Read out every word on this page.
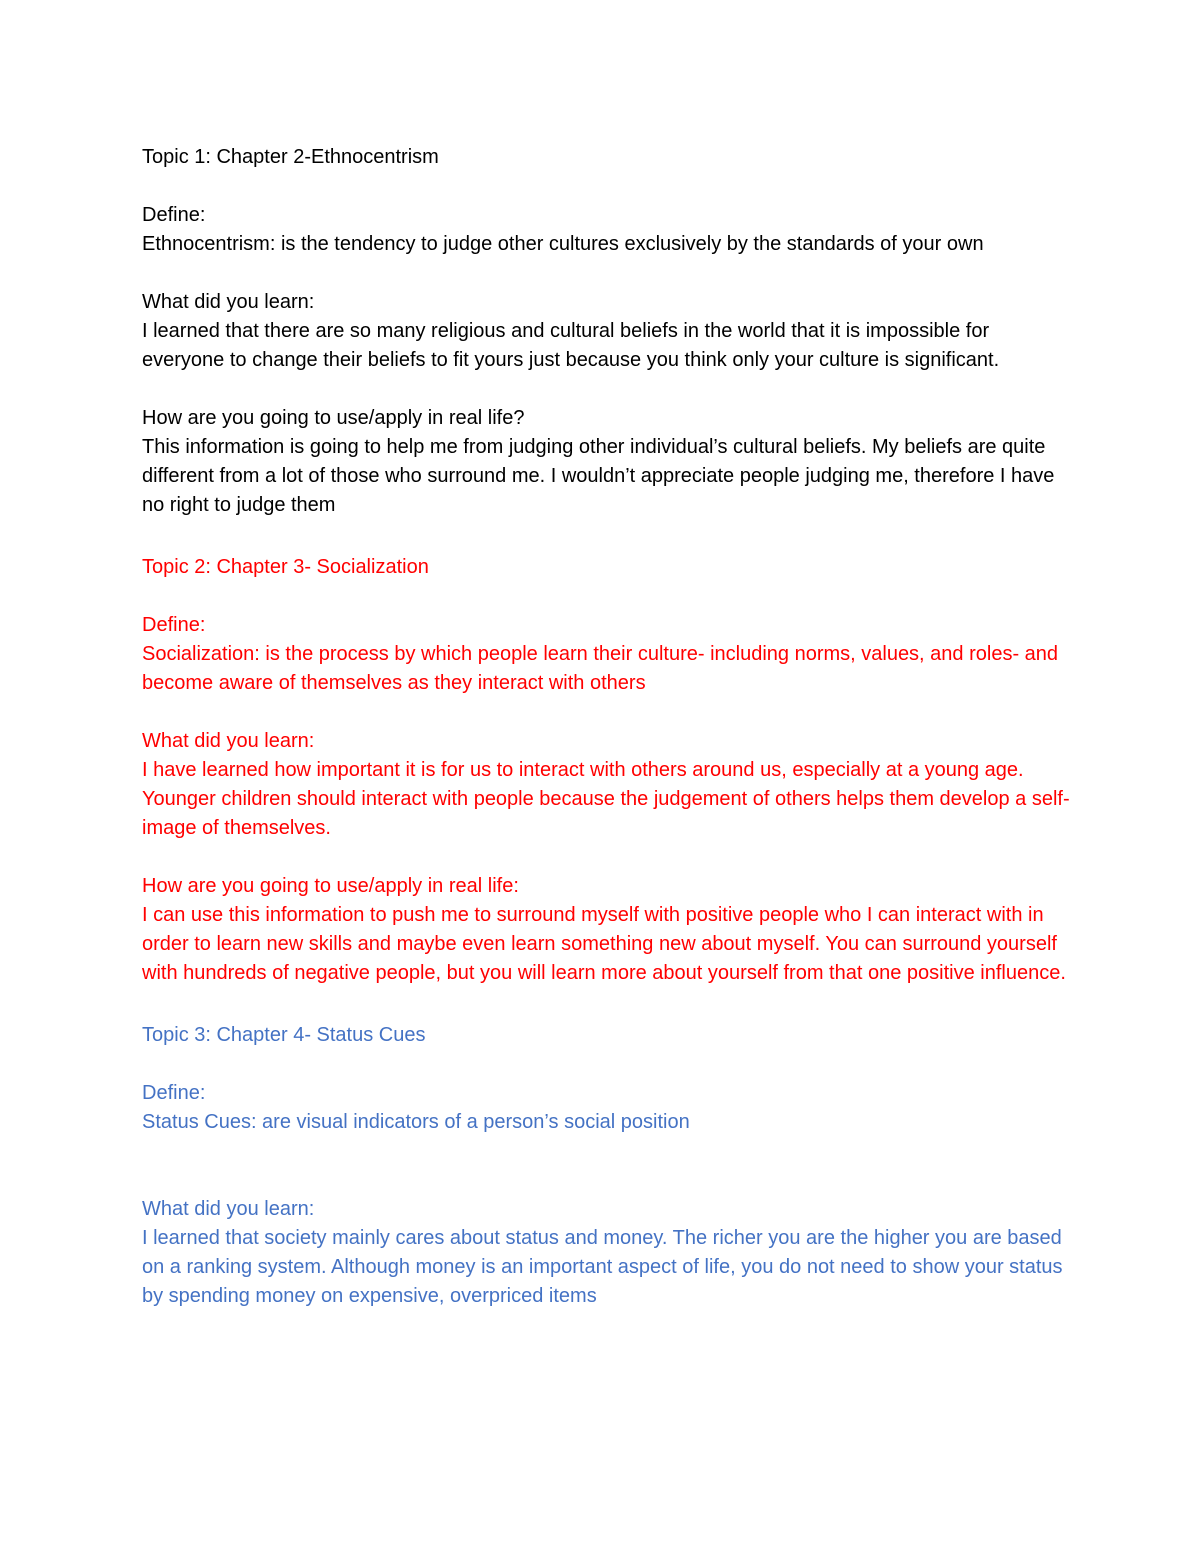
Topic 1: Chapter 2-Ethnocentrism
Define:
Ethnocentrism: is the tendency to judge other cultures exclusively by the standards of your own
What did you learn:
I learned that there are so many religious and cultural beliefs in the world that it is impossible for everyone to change their beliefs to fit yours just because you think only your culture is significant.
How are you going to use/apply in real life?
This information is going to help me from judging other individual’s cultural beliefs. My beliefs are quite different from a lot of those who surround me. I wouldn’t appreciate people judging me, therefore I have no right to judge them
Topic 2: Chapter 3- Socialization
Define:
Socialization: is the process by which people learn their culture- including norms, values, and roles- and become aware of themselves as they interact with others
What did you learn:
I have learned how important it is for us to interact with others around us, especially at a young age. Younger children should interact with people because the judgement of others helps them develop a self-image of themselves.
How are you going to use/apply in real life:
I can use this information to push me to surround myself with positive people who I can interact with in order to learn new skills and maybe even learn something new about myself. You can surround yourself with hundreds of negative people, but you will learn more about yourself from that one positive influence.
Topic 3: Chapter 4- Status Cues
Define:
Status Cues: are visual indicators of a person’s social position
What did you learn:
I learned that society mainly cares about status and money. The richer you are the higher you are based on a ranking system. Although money is an important aspect of life, you do not need to show your status by spending money on expensive, overpriced items
